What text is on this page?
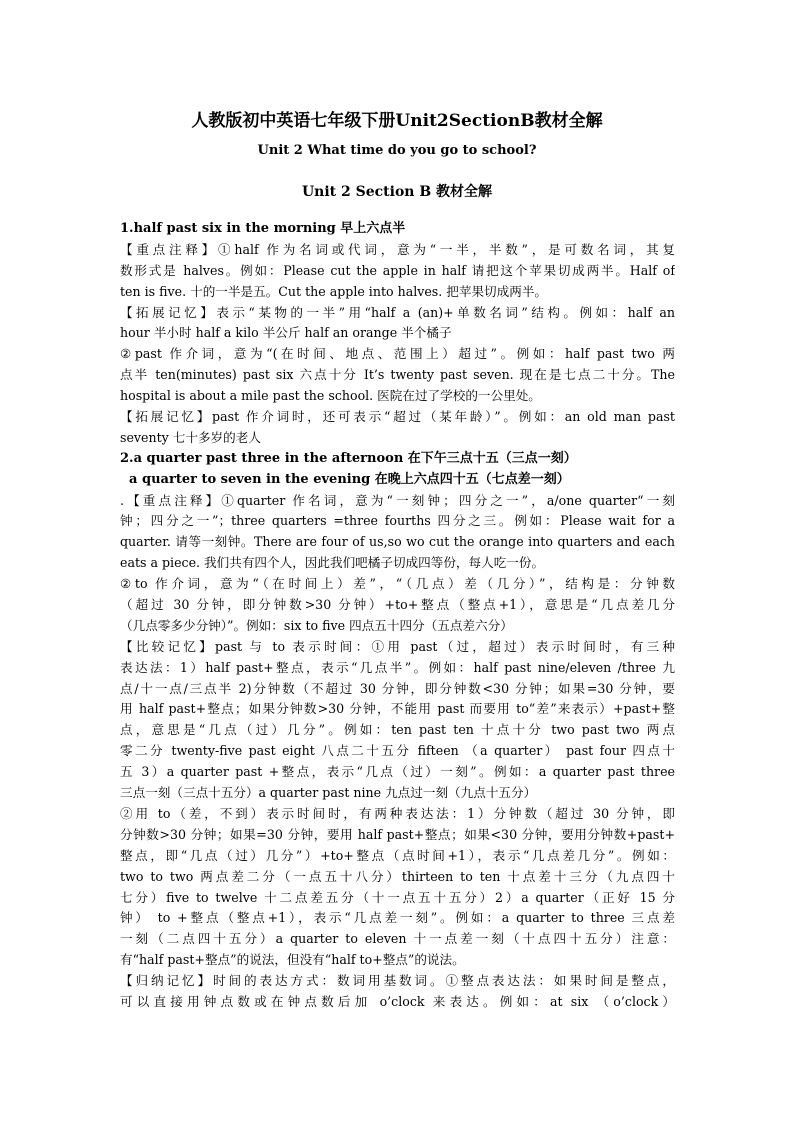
人教版初中英语七年级下册Unit2SectionB教材全解
Unit 2 What time do you go to school?
Unit 2 Section B 教材全解
1.half past six in the morning 早上六点半
【重点注释】①half 作为名词或代词，意为“一半，半数”，是可数名词，其复
数形式是 halves。例如：Please cut the apple in half 请把这个苹果切成两半。Half of
ten is five. 十的一半是五。Cut the apple into halves. 把苹果切成两半。
【拓展记忆】表示“某物的一半”用“half a (an)+单数名词”结构。例如：half an
hour 半小时 half a kilo 半公斤 half an orange 半个橘子
②past 作介词，意为“(在时间、地点、范围上）超过”。例如：half past two 两
点半 ten(minutes) past six 六点十分 It’s twenty past seven. 现在是七点二十分。The
hospital is about a mile past the school. 医院在过了学校的一公里处。
【拓展记忆】past 作介词时，还可表示“超过（某年龄）”。例如：an old man past
seventy 七十多岁的老人
2.a quarter past three in the afternoon 在下午三点十五（三点一刻）
a quarter to seven in the evening 在晚上六点四十五（七点差一刻）
.【重点注释】①quarter 作名词，意为“一刻钟；四分之一”，a/one quarter“一刻
钟；四分之一”；three quarters =three fourths 四分之三。例如：Please wait for a
quarter. 请等一刻钟。There are four of us,so wo cut the orange into quarters and each
eats a piece. 我们共有四个人，因此我们吧橘子切成四等份，每人吃一份。
②to 作介词，意为“（在时间上）差”，“（几点）差（几分）”，结构是：分钟数
（超过 30 分钟，即分钟数>30 分钟）+to+整点（整点+1），意思是“几点差几分
（几点零多少分钟）”。例如：six to five 四点五十四分（五点差六分）
【比较记忆】past 与 to 表示时间：①用 past（过，超过）表示时间时，有三种
表达法：1）half past+整点，表示“几点半”。例如：half past nine/eleven /three 九
点/十一点/三点半 2)分钟数（不超过 30 分钟，即分钟数<30 分钟；如果=30 分钟，要
用 half past+整点；如果分钟数>30 分钟，不能用 past 而要用 to“差”来表示）+past+整
点，意思是“几点（过）几分”。例如：ten past ten 十点十分 two past two 两点
零二分 twenty-five past eight 八点二十五分 fifteen （a quarter） past four 四点十
五 3）a quarter past +整点，表示“几点（过）一刻”。例如：a quarter past three
三点一刻（三点十五分）a quarter past nine 九点过一刻（九点十五分）
②用 to（差，不到）表示时间时，有两种表达法：1）分钟数（超过 30 分钟，即
分钟数>30 分钟；如果=30 分钟，要用 half past+整点；如果<30 分钟，要用分钟数+past+
整点，即“几点（过）几分”）+to+整点（点时间+1），表示“几点差几分”。例如：
two to two 两点差二分（一点五十八分）thirteen to ten 十点差十三分（九点四十
七分）five to twelve 十二点差五分（十一点五十五分）2）a quarter（正好 15 分
钟） to +整点（整点+1），表示“几点差一刻”。例如：a quarter to three 三点差
一刻（二点四十五分）a quarter to eleven 十一点差一刻（十点四十五分）注意：
有“half past+整点”的说法，但没有“half to+整点”的说法。
【归纳记忆】时间的表达方式：数词用基数词。①整点表达法：如果时间是整点，
可以直接用钟点数或在钟点数后加 o’clock 来表达。例如：at six （o’clock）
